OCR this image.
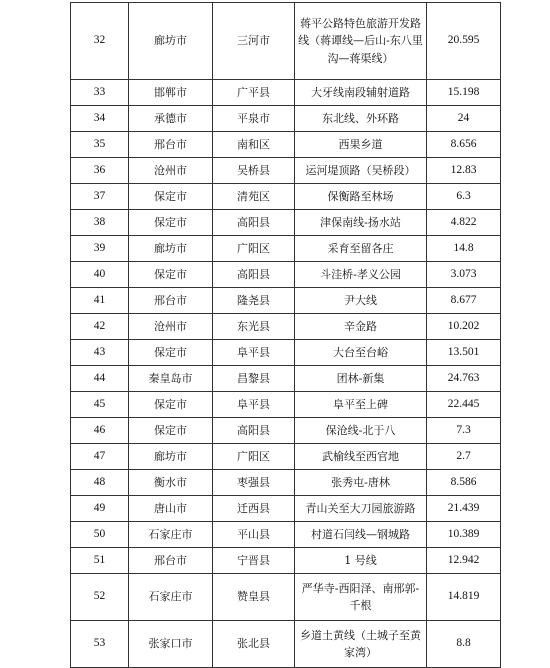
32	廊坊市	三河市	蒋平公路特色旅游开发路线（蒋谭线—后山-东八里沟—蒋渠线）	20.595
33	邯郸市	广平县	大牙线南段辅射道路	15.198
34	承德市	平泉市	东北线、外环路	24
35	邢台市	南和区	西果乡道	8.656
36	沧州市	吴桥县	运河堤顶路（吴桥段）	12.83
37	保定市	清苑区	保衡路至林场	6.3
38	保定市	高阳县	津保南线-扬水站	4.822
39	廊坊市	广阳区	采育至留各庄	14.8
40	保定市	高阳县	斗洼桥-孝义公园	3.073
41	邢台市	隆尧县	尹大线	8.677
42	沧州市	东光县	辛金路	10.202
43	保定市	阜平县	大台至台峪	13.501
44	秦皇岛市	昌黎县	团林-新集	24.763
45	保定市	阜平县	阜平至上碑	22.445
46	保定市	高阳县	保沧线-北于八	7.3
47	廊坊市	广阳区	武榆线至西官地	2.7
48	衡水市	枣强县	张秀屯-唐林	8.586
49	唐山市	迁西县	青山关至大刀园旅游路	21.439
50	石家庄市	平山县	村道石闫线—钢城路	10.389
51	邢台市	宁晋县	1 号线	12.942
52	石家庄市	赞皇县	严华寺-西阳泽、南邢郭-千根	14.819
53	张家口市	张北县	乡道土黄线（土城子至黄家湾）	8.8
